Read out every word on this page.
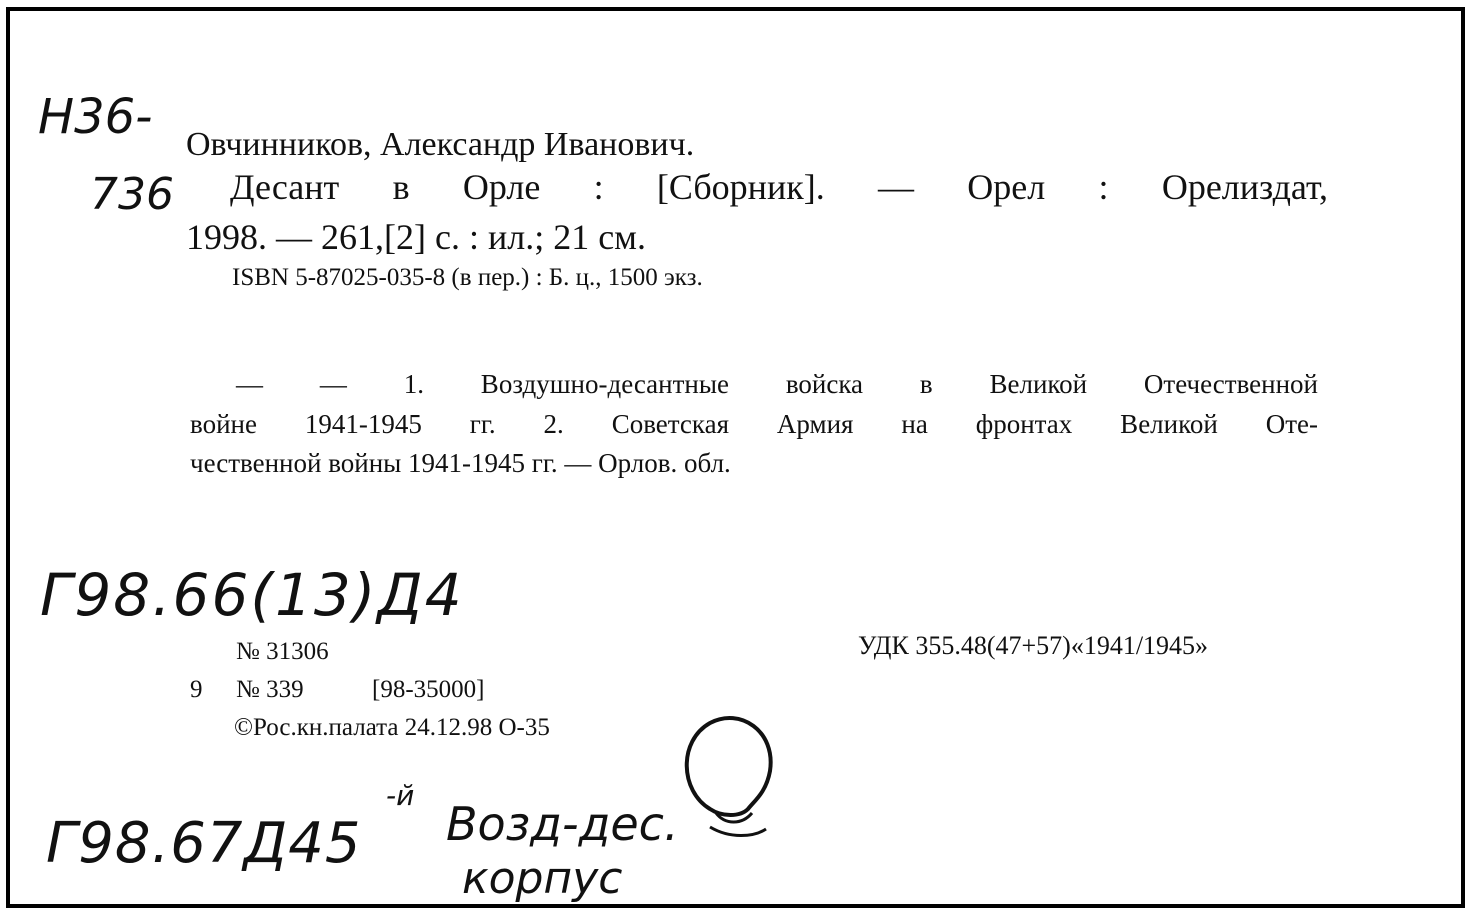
Н36-
736
Овчинников, Александр Иванович.
Десант в Орле : [Сборник]. — Орел : Орелиздат,
1998. — 261,[2] с. : ил.; 21 см.
ISBN 5-87025-035-8 (в пер.) : Б. ц., 1500 экз.
— — 1. Воздушно-десантные войска в Великой Отечественной
войне 1941-1945 гг. 2. Советская Армия на фронтах Великой Оте-
чественной войны 1941-1945 гг. — Орлов. обл.
Г98.66(13)Д4
№ 31306
9 № 339	[98-35000]
©Рос.кн.палата 24.12.98 О-35
УДК 355.48(47+57)«1941/1945»
Г98.67Д45
-й
Возд-дес.
корпус
